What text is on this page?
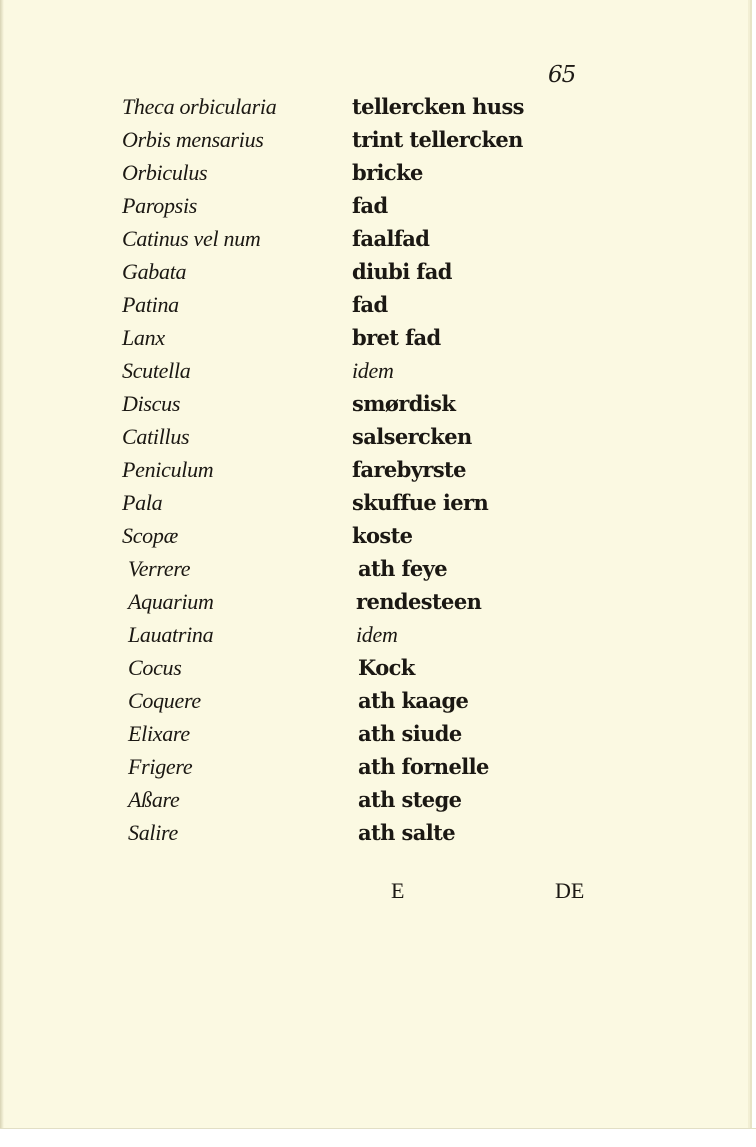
65
Theca orbicularia	tellercken huss
Orbis mensarius	trint tellercken
Orbiculus	bricke
Paropsis	fad
Catinus vel num	faalfad
Gabata	diubi fad
Patina	fad
Lanx	bret fad
Scutella	idem
Discus	smørdisk
Catillus	salsercken
Peniculum	farebyrste
Pala	skuffue iern
Scopæ	koste
Verrere	ath feye
Aquarium	rendesteen
Lauatrina	idem
Cocus	Kock
Coquere	ath kaage
Elixare	ath siude
Frigere	ath fornelle
Aßare	ath stege
Salire	ath salte
E	DE
